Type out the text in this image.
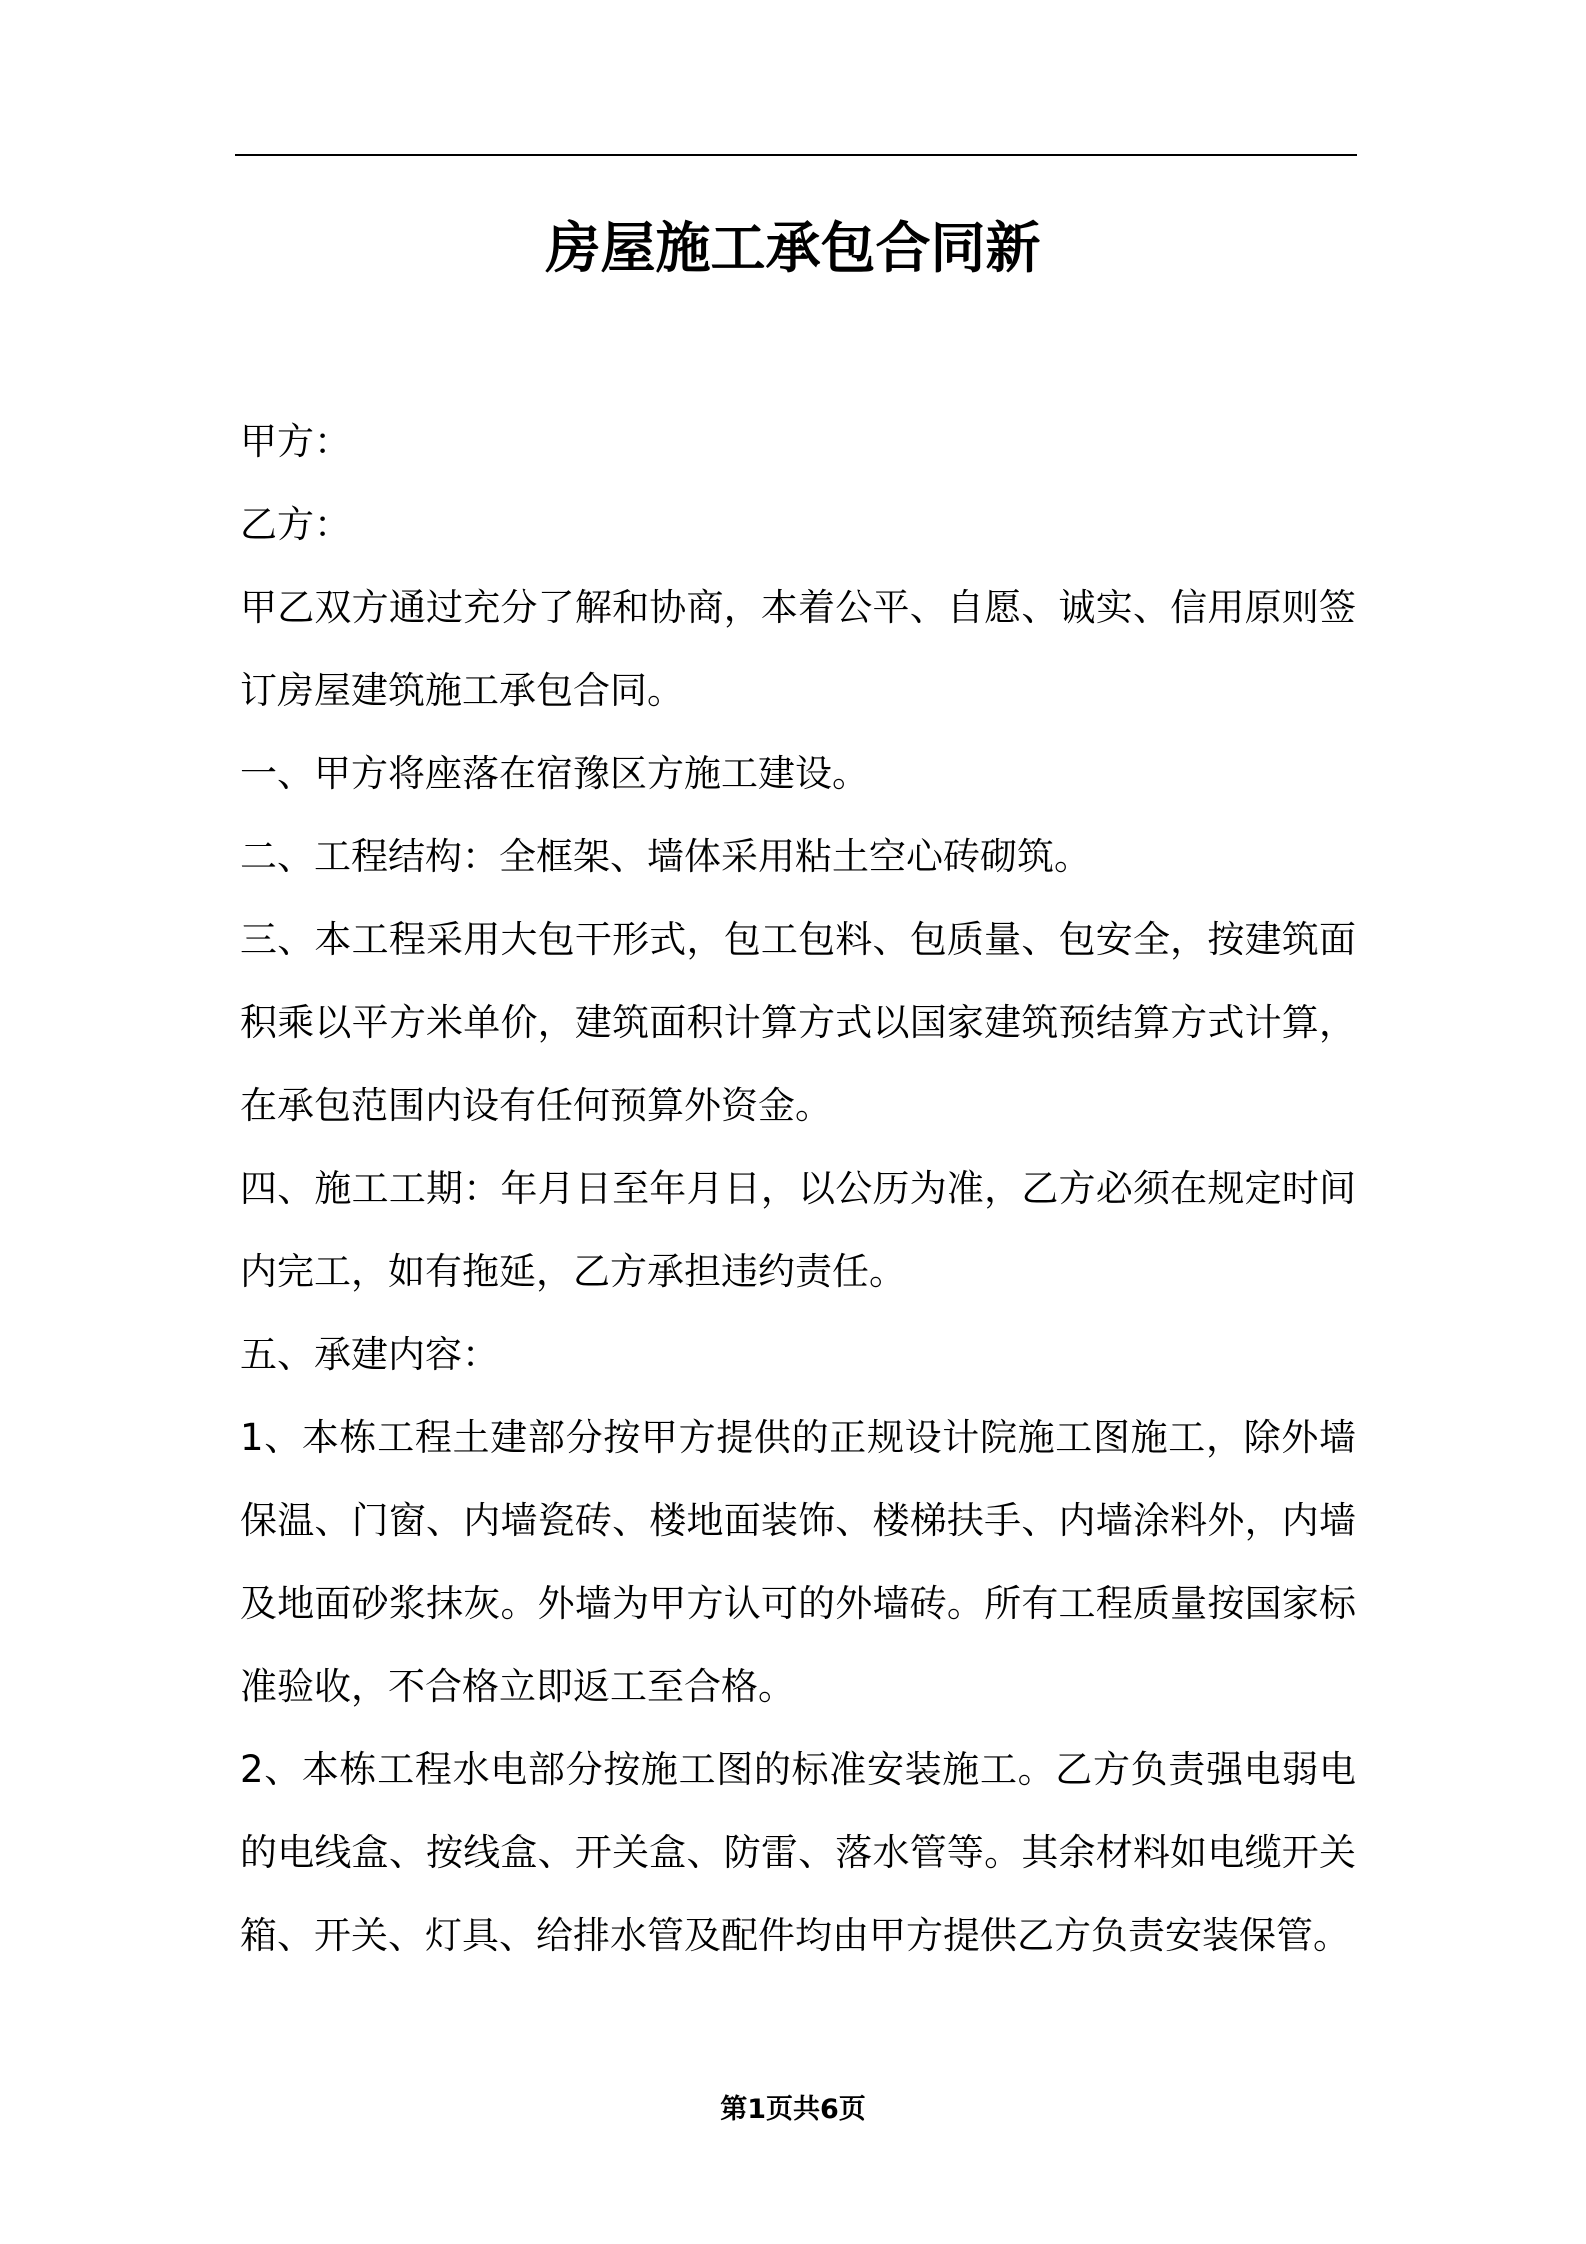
房屋施工承包合同新

甲方：

乙方：

甲乙双方通过充分了解和协商，本着公平、自愿、诚实、信用原则签订房屋建筑施工承包合同。

一、甲方将座落在宿豫区方施工建设。

二、工程结构：全框架、墙体采用粘土空心砖砌筑。

三、本工程采用大包干形式，包工包料、包质量、包安全，按建筑面积乘以平方米单价，建筑面积计算方式以国家建筑预结算方式计算，在承包范围内设有任何预算外资金。

四、施工工期：年月日至年月日，以公历为准，乙方必须在规定时间内完工，如有拖延，乙方承担违约责任。

五、承建内容：

1、本栋工程土建部分按甲方提供的正规设计院施工图施工，除外墙保温、门窗、内墙瓷砖、楼地面装饰、楼梯扶手、内墙涂料外，内墙及地面砂浆抹灰。外墙为甲方认可的外墙砖。所有工程质量按国家标准验收，不合格立即返工至合格。

2、本栋工程水电部分按施工图的标准安装施工。乙方负责强电弱电的电线盒、按线盒、开关盒、防雷、落水管等。其余材料如电缆开关箱、开关、灯具、给排水管及配件均由甲方提供乙方负责安装保管。

第1页共6页
